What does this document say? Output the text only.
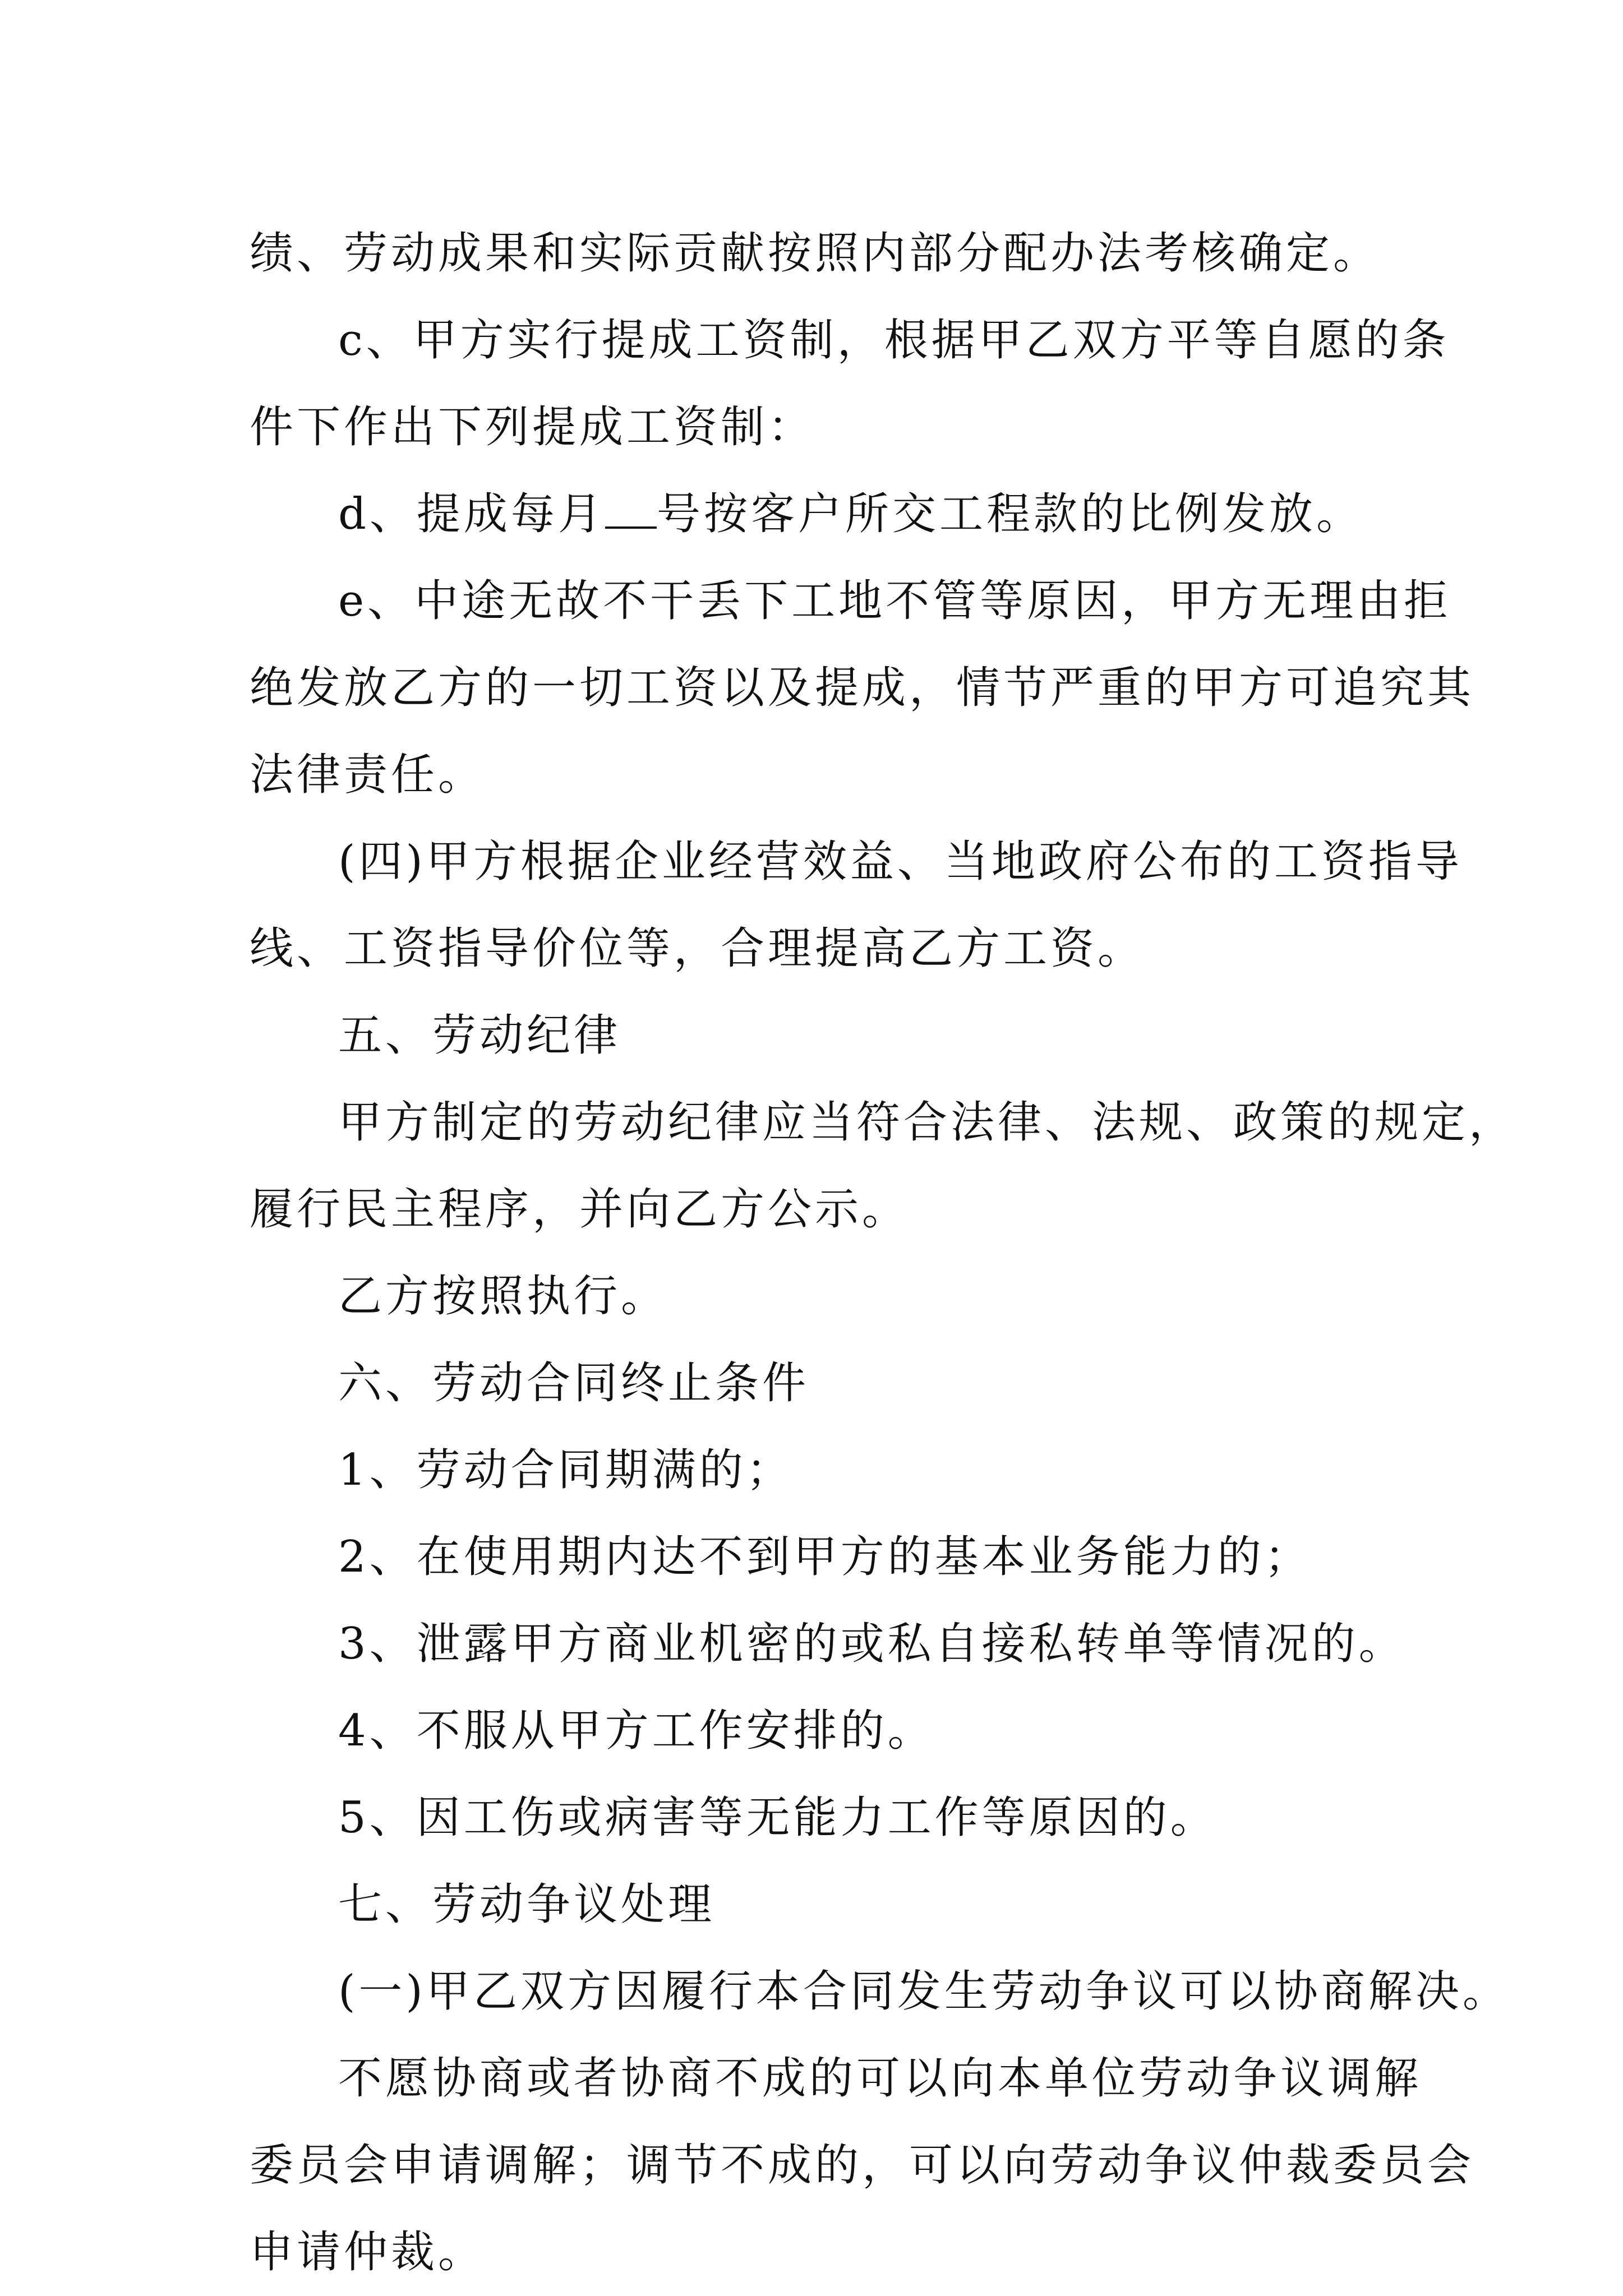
绩、劳动成果和实际贡献按照内部分配办法考核确定。
c、甲方实行提成工资制，根据甲乙双方平等自愿的条
件下作出下列提成工资制：
d、提成每月 号按客户所交工程款的比例发放。
e、中途无故不干丢下工地不管等原因，甲方无理由拒
绝发放乙方的一切工资以及提成，情节严重的甲方可追究其
法律责任。
(四)甲方根据企业经营效益、当地政府公布的工资指导
线、工资指导价位等，合理提高乙方工资。
五、劳动纪律
甲方制定的劳动纪律应当符合法律、法规、政策的规定，
履行民主程序，并向乙方公示。
乙方按照执行。
六、劳动合同终止条件
1、劳动合同期满的；
2、在使用期内达不到甲方的基本业务能力的；
3、泄露甲方商业机密的或私自接私转单等情况的。
4、不服从甲方工作安排的。
5、因工伤或病害等无能力工作等原因的。
七、劳动争议处理
(一)甲乙双方因履行本合同发生劳动争议可以协商解决。
不愿协商或者协商不成的可以向本单位劳动争议调解
委员会申请调解；调节不成的，可以向劳动争议仲裁委员会
申请仲裁。
